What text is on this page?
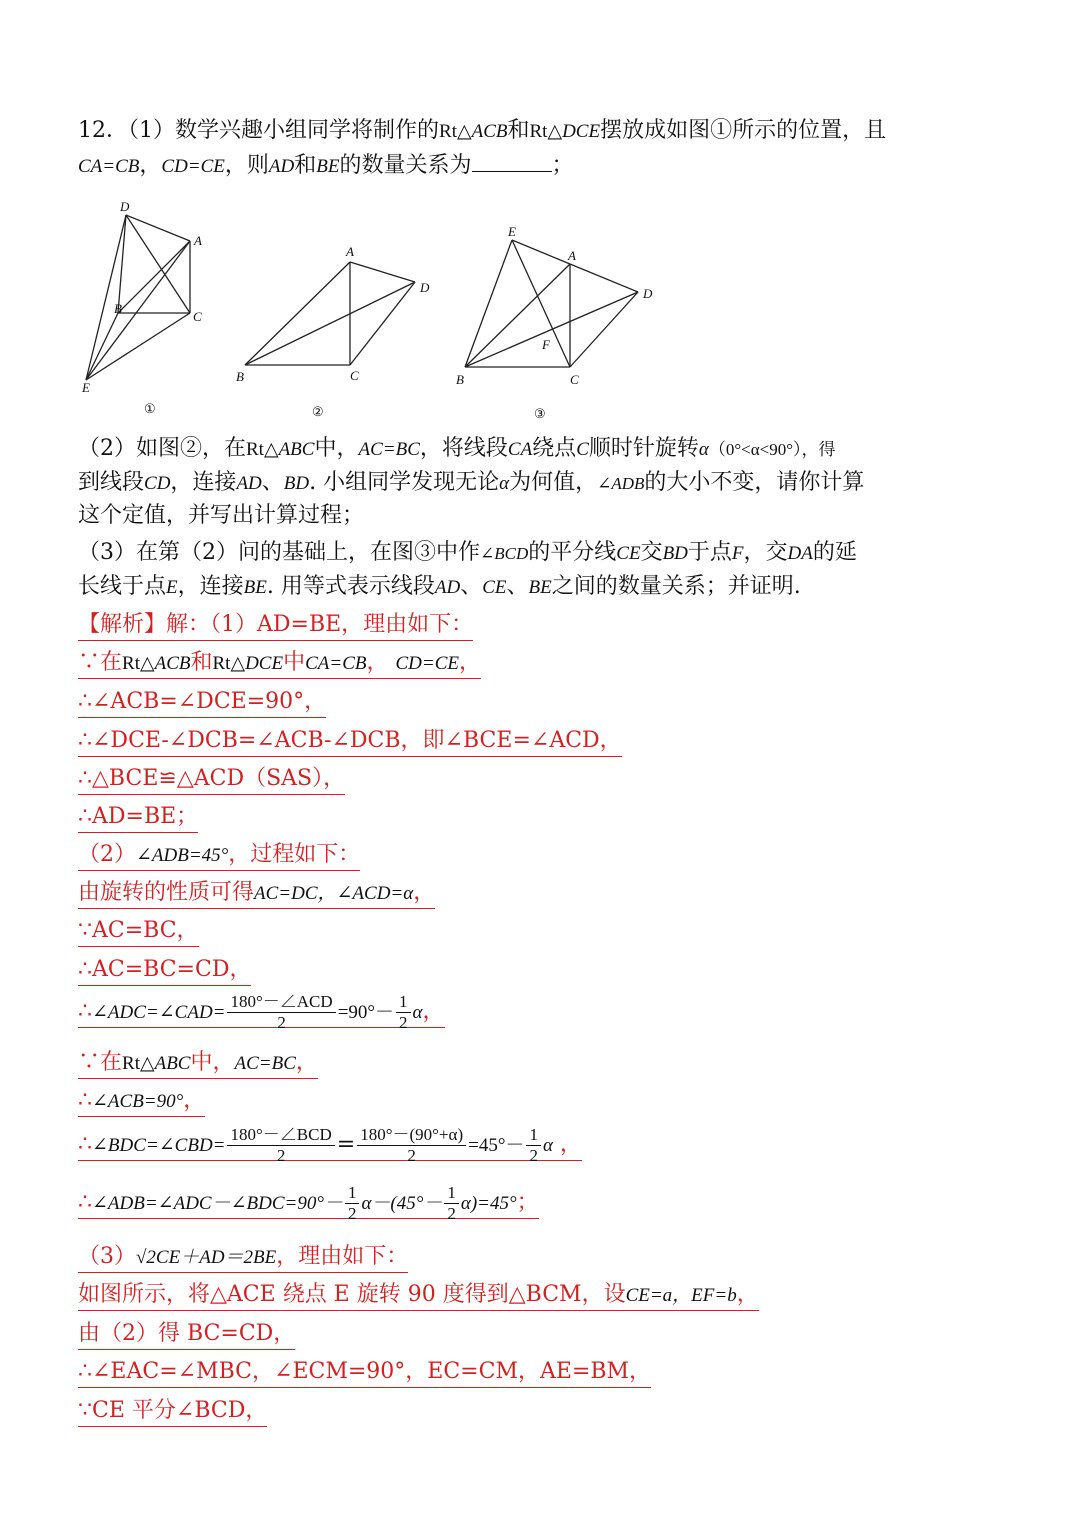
12．（1）数学兴趣小组同学将制作的Rt△ACB和Rt△DCE摆放成如图①所示的位置，且
CA=CB，CD=CE，则AD和BE的数量关系为	；
D
A
B
C
E
①
A
D
B	C
②
E
A
D
F
B	C
③
（2）如图②，在Rt△ABC中，AC=BC，将线段CA绕点C顺时针旋转α（0°<α<90°），得
到线段CD，连接AD、BD. 小组同学发现无论α为何值，∠ADB的大小不变，请你计算
这个定值，并写出计算过程；
（3）在第（2）问的基础上，在图③中作∠BCD的平分线CE交BD于点F，交DA的延
长线于点E，连接BE. 用等式表示线段AD、CE、BE之间的数量关系；并证明.
【解析】解：（1）AD=BE，理由如下：
∵在Rt△ACB和Rt△DCE中CA=CB， CD=CE，
∴∠ACB=∠DCE=90°，
∴∠DCE-∠DCB=∠ACB-∠DCB，即∠BCE=∠ACD，
∴△BCE≌△ACD（SAS），
∴AD=BE；
（2）∠ADB=45°，过程如下：
由旋转的性质可得AC=DC，∠ACD=α，
∵AC=BC，
∴AC=BC=CD，
∴∠ADC=∠CAD= $\frac{\text{180°－∠ACD}}{2} =90^\circ- \frac{1}{2}$ α，
∵在Rt△ABC中，AC=BC，
∴∠ACB=90°，
∴∠BDC=∠CBD= $\frac{\text{180°－∠BCD}}{2} = \frac{180^\circ-(90^\circ+\alpha)}{2} =45^\circ- \frac{1}{2}$ α ，
∴∠ADB=∠ADC－∠BDC=90°－ $\frac{1}{2} \alpha-(45^\circ- \frac{1}{2} \alpha)=45^\circ$；
（3）√2CE＋AD＝2BE，理由如下：
如图所示，将△ACE 绕点 E 旋转 90 度得到△BCM，设CE=a，EF=b，
由（2）得 BC=CD，
∴∠EAC=∠MBC，∠ECM=90°，EC=CM，AE=BM，
∵CE 平分∠BCD，
